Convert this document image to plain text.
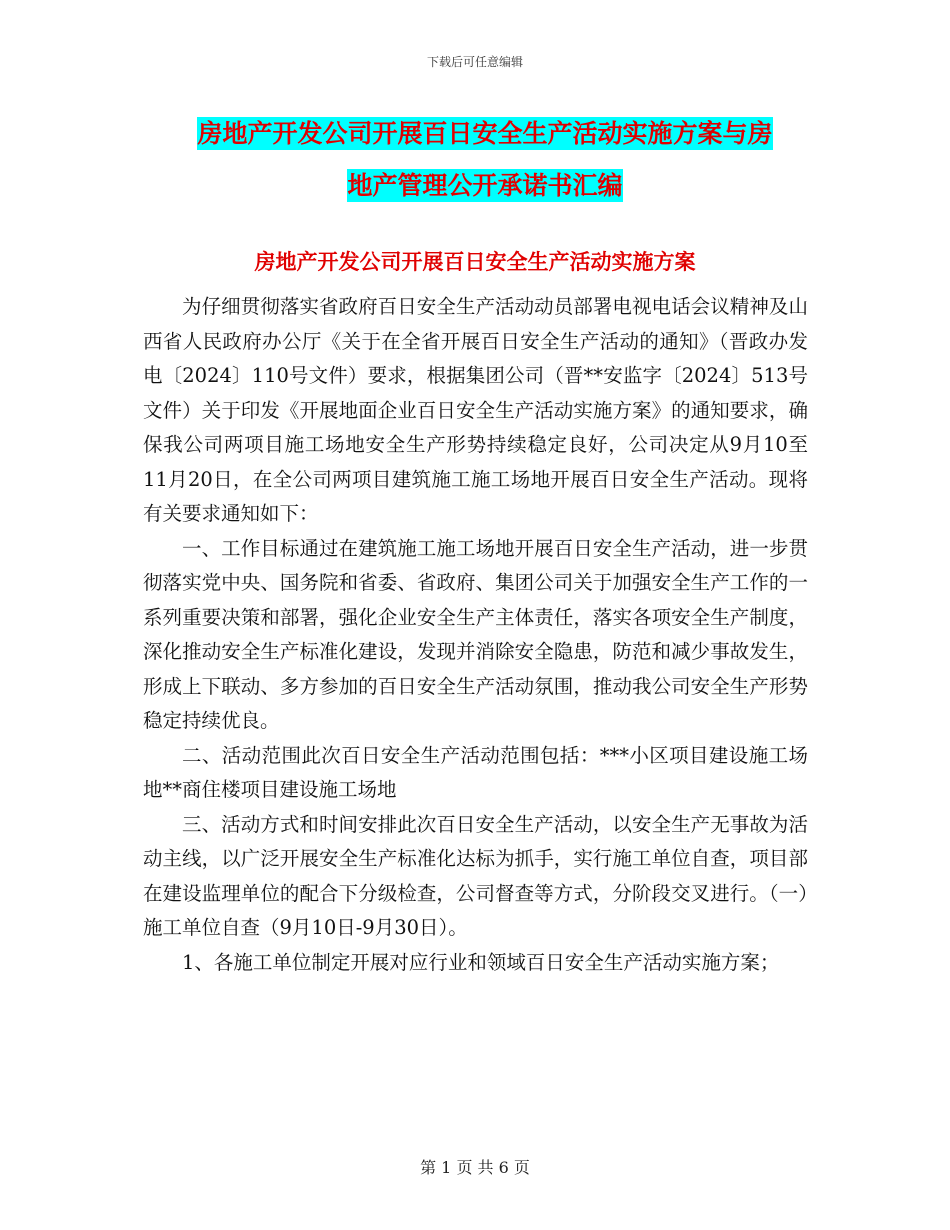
下载后可任意编辑
房地产开发公司开展百日安全生产活动实施方案与房
地产管理公开承诺书汇编
房地产开发公司开展百日安全生产活动实施方案

为仔细贯彻落实省政府百日安全生产活动动员部署电视电话会议精神及山西省人民政府办公厅《关于在全省开展百日安全生产活动的通知》（晋政办发电〔2024〕110号文件）要求，根据集团公司（晋**安监字〔2024〕513号文件）关于印发《开展地面企业百日安全生产活动实施方案》的通知要求，确保我公司两项目施工场地安全生产形势持续稳定良好，公司决定从9月10至11月20日，在全公司两项目建筑施工施工场地开展百日安全生产活动。现将有关要求通知如下：

一、工作目标通过在建筑施工施工场地开展百日安全生产活动，进一步贯彻落实党中央、国务院和省委、省政府、集团公司关于加强安全生产工作的一系列重要决策和部署，强化企业安全生产主体责任，落实各项安全生产制度，深化推动安全生产标准化建设，发现并消除安全隐患，防范和减少事故发生，形成上下联动、多方参加的百日安全生产活动氛围，推动我公司安全生产形势稳定持续优良。

二、活动范围此次百日安全生产活动范围包括：***小区项目建设施工场地**商住楼项目建设施工场地

三、活动方式和时间安排此次百日安全生产活动，以安全生产无事故为活动主线，以广泛开展安全生产标准化达标为抓手，实行施工单位自查，项目部在建设监理单位的配合下分级检查，公司督查等方式，分阶段交叉进行。（一）施工单位自查（9月10日-9月30日）。

1、各施工单位制定开展对应行业和领域百日安全生产活动实施方案；

第 1 页 共 6 页
